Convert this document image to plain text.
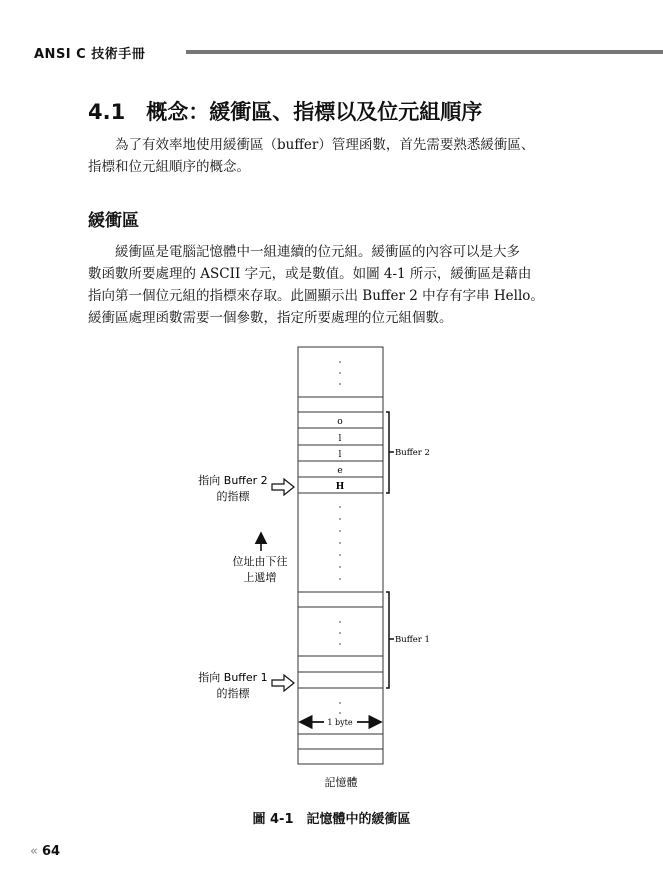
ANSI C 技術手冊
4.1　概念：緩衝區、指標以及位元組順序

為了有效率地使用緩衝區（buffer）管理函數，首先需要熟悉緩衝區、

指標和位元組順序的概念。

緩衝區

緩衝區是電腦記憶體中一組連續的位元組。緩衝區的內容可以是大多

數函數所要處理的 ASCII 字元，或是數值。如圖 4-1 所示，緩衝區是藉由

指向第一個位元組的指標來存取。此圖顯示出 Buffer 2 中存有字串 Hello。

緩衝區處理函數需要一個參數，指定所要處理的位元組個數。

o
l
l
e
H
Buffer 2
Buffer 1
1 byte
指向 Buffer 2
的指標
位址由下往
上遞增
指向 Buffer 1
的指標
記憶體
圖 4-1　記憶體中的緩衝區
« 64
